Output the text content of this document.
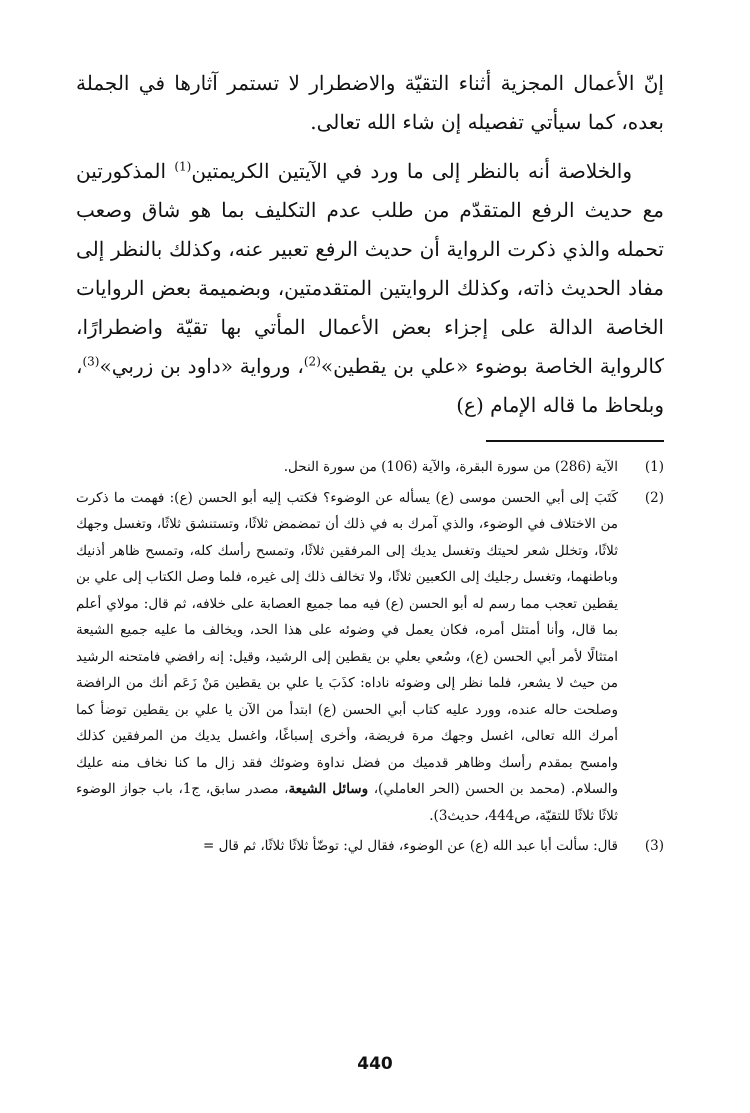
إنّ الأعمال المجزية أثناء التقيّة والاضطرار لا تستمر آثارها في الجملة بعده، كما سيأتي تفصيله إن شاء الله تعالى.

والخلاصة أنه بالنظر إلى ما ورد في الآيتين الكريمتين$^{(1)}$ المذكورتين مع حديث الرفع المتقدّم من طلب عدم التكليف بما هو شاق وصعب تحمله والذي ذكرت الرواية أن حديث الرفع تعبير عنه، وكذلك بالنظر إلى مفاد الحديث ذاته، وكذلك الروايتين المتقدمتين، وبضميمة بعض الروايات الخاصة الدالة على إجزاء بعض الأعمال المأتي بها تقيّة واضطرارًا، كالرواية الخاصة بوضوء «علي بن يقطين»$^{(2)}$، ورواية «داود بن زربي»$^{(3)}$، وبلحاظ ما قاله الإمام (ع)

(1)
الآية (286) من سورة البقرة، والآية (106) من سورة النحل.
(2)
كَتَبَ إلى أبي الحسن موسى (ع) يسأله عن الوضوء؟ فكتب إليه أبو الحسن (ع): فهمت ما ذكرت من الاختلاف في الوضوء، والذي آمرك به في ذلك أن تمضمض ثلاثًا، وتستنشق ثلاثًا، وتغسل وجهك ثلاثًا، وتخلل شعر لحيتك وتغسل يديك إلى المرفقين ثلاثًا، وتمسح رأسك كله، وتمسح ظاهر أذنيك وباطنهما، وتغسل رجليك إلى الكعبين ثلاثًا، ولا تخالف ذلك إلى غيره، فلما وصل الكتاب إلى علي بن يقطين تعجب مما رسم له أبو الحسن (ع) فيه مما جميع العصابة على خلافه، ثم قال: مولاي أعلم بما قال، وأنا أمتثل أمره، فكان يعمل في وضوئه على هذا الحد، ويخالف ما عليه جميع الشيعة امتثالًا لأمر أبي الحسن (ع)، وسُعي بعلي بن يقطين إلى الرشيد، وقيل: إنه رافضي فامتحنه الرشيد من حيث لا يشعر، فلما نظر إلى وضوئه ناداه: كذَبَ يا علي بن يقطين مَنْ زَعَم أنك من الرافضة وصلحت حاله عنده، وورد عليه كتاب أبي الحسن (ع) ابتدأ من الآن يا علي بن يقطين توضأ كما أمرك الله تعالى، اغسل وجهك مرة فريضة، وأخرى إسباغًا، واغسل يديك من المرفقين كذلك وامسح بمقدم رأسك وظاهر قدميك من فضل نداوة وضوئك فقد زال ما كنا نخاف منه عليك والسلام. (محمد بن الحسن (الحر العاملي)، وسائل الشيعة، مصدر سابق، ج1، باب جواز الوضوء ثلاثًا ثلاثًا للتقيّة، ص444، حديث3).
(3)
قال: سألت أبا عبد الله (ع) عن الوضوء، فقال لي: توضّأ ثلاثًا ثلاثًا، ثم قال =
440
